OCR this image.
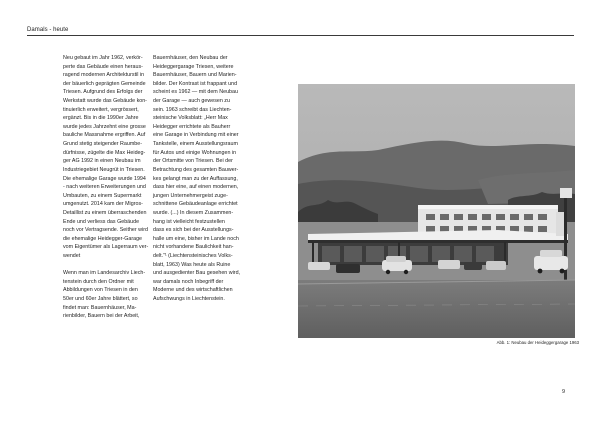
Damals - heute
Neu gebaut im Jahr 1962, verkör-
perte das Gebäude einen heraus-
ragend modernen Architekturstil in
der bäuerlich geprägten Gemeinde
Triesen. Aufgrund des Erfolgs der
Werkstatt wurde das Gebäude kon-
tinuierlich erweitert, vergrössert,
ergänzt. Bis in die 1990er Jahre
wurde jedes Jahrzehnt eine grosse
bauliche Massnahme ergriffen. Auf
Grund stetig steigender Raumbe-
dürfnisse, zügelte die Max Heideg-
ger AG 1992 in einen Neubau im
Industriegebiet Neugrüt in Triesen.
Die ehemalige Garage wurde 1994
- nach weiteren Erweiterungen und
Umbauten, zu einem Supermarkt
umgenutzt. 2014 kam der Migros-
Detaillist zu einem überraschenden
Ende und verliess das Gebäude
noch vor Vertragsende. Seither wird
die ehemalige Heidegger-Garage
vom Eigentümer als Lagerraum ver-
wendet
Wenn man im Landesarchiv Liech-
tenstein durch den Ordner mit
Abbildungen von Triesen in den
50er und 60er Jahre blättert, so
findet man: Bauernhäuser, Ma-
rienbilder, Bauern bei der Arbeit,
Bauernhäuser, den Neubau der
Heideggergarage Triesen, weitere
Bauernhäuser, Bauern und Marien-
bilder. Der Kontrast ist frappant und
scheint es 1962 — mit dem Neubau
der Garage — auch gewesen zu
sein. 1963 schreibt das Liechten-
steinische Volksblatt: „Herr Max
Heidegger errichtete als Bauherr
eine Garage in Verbindung mit einer
Tankstelle, einem Ausstellungsraum
für Autos und einige Wohnungen in
der Ortsmitte von Triesen. Bei der
Betrachtung des gesamten Bauwer-
kes gelangt man zu der Auffassung,
dass hier eine, auf einen modernen,
jungen Unternehmergeist zuge-
schnittene Gebäudeanlage errichtet
wurde. (...) In diesem Zusammen-
hang ist vielleicht festzustellen
dass es sich bei der Ausstellungs-
halle um eine, bisher im Lande noch
nicht vorhandene Baulichkeit han-
delt.“¹ (Liechtensteinisches Volks-
blatt, 1963) Was heute als Ruine
und ausgedienter Bau gesehen wird,
war damals noch Inbegriff der
Moderne und des wirtschaftlichen
Aufschwungs in Liechtenstein.
Abb. 1: Neubau der Heideggergarage 1963
9
